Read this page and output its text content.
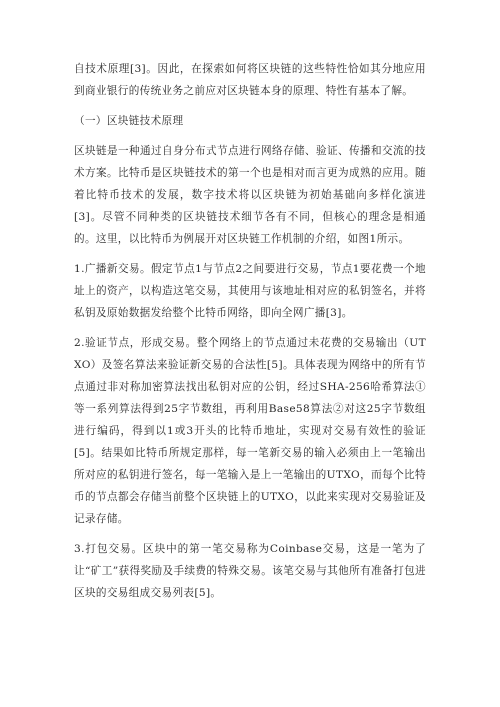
自技术原理[3]。因此，在探索如何将区块链的这些特性恰如其分地应用到商业银行的传统业务之前应对区块链本身的原理、特性有基本了解。

（一）区块链技术原理

区块链是一种通过自身分布式节点进行网络存储、验证、传播和交流的技术方案。比特币是区块链技术的第一个也是相对而言更为成熟的应用。随着比特币技术的发展，数字技术将以区块链为初始基础向多样化演进[3]。尽管不同种类的区块链技术细节各有不同，但核心的理念是相通的。这里，以比特币为例展开对区块链工作机制的介绍，如图1所示。

1.广播新交易。假定节点1与节点2之间要进行交易，节点1要花费一个地址上的资产，以构造这笔交易，其使用与该地址相对应的私钥签名，并将私钥及原始数据发给整个比特币网络，即向全网广播[3]。

2.验证节点，形成交易。整个网络上的节点通过未花费的交易输出（UTXO）及签名算法来验证新交易的合法性[5]。具体表现为网络中的所有节点通过非对称加密算法找出私钥对应的公钥，经过SHA-256哈希算法①等一系列算法得到25字节数组，再利用Base58算法②对这25字节数组进行编码，得到以1或3开头的比特币地址，实现对交易有效性的验证[5]。结果如比特币所规定那样，每一笔新交易的输入必须由上一笔输出所对应的私钥进行签名，每一笔输入是上一笔输出的UTXO，而每个比特币的节点都会存储当前整个区块链上的UTXO，以此来实现对交易验证及记录存储。

3.打包交易。区块中的第一笔交易称为Coinbase交易，这是一笔为了让“矿工”获得奖励及手续费的特殊交易。该笔交易与其他所有准备打包进区块的交易组成交易列表[5]。
